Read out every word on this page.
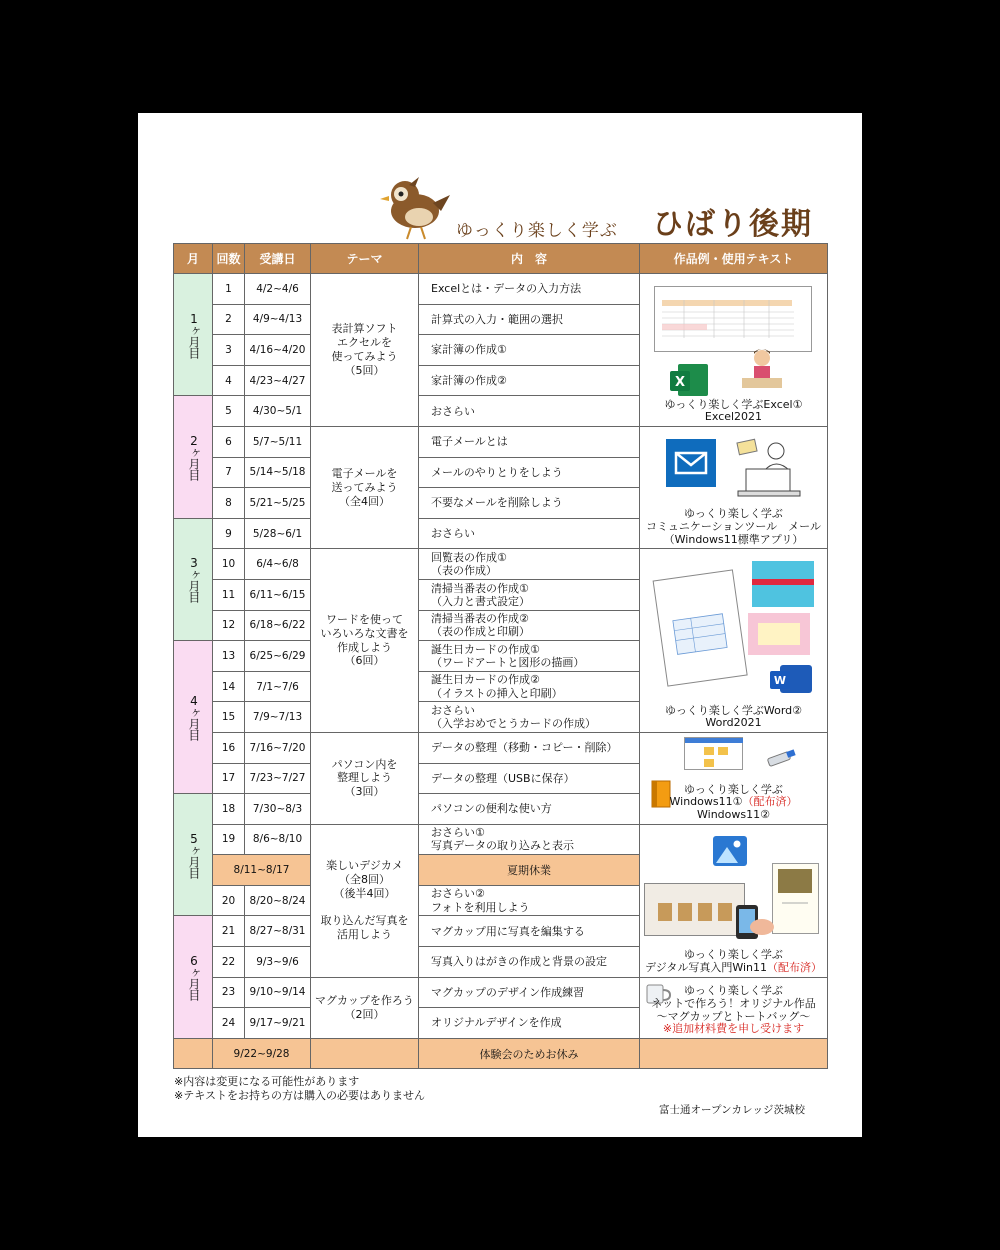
ゆっくり楽しく学ぶ ひばり後期
月	回数	受講日	テーマ	内　容	作品例・使用テキスト
1ヶ月目	1	4/2~4/6	表計算ソフト
エクセルを
使ってみよう
（5回）	Excelとは・データの入力方法	X
ゆっくり楽しく学ぶExcel①
Excel2021

	2	4/9~4/13		計算式の入力・範囲の選択	
	3	4/16~4/20		家計簿の作成①	
	4	4/23~4/27		家計簿の作成②	
2ヶ月目	5	4/30~5/1		おさらい	
	6	5/7~5/11	電子メールを
送ってみよう
（全4回）	電子メールとは	ゆっくり楽しく学ぶ
コミュニケーションツール　メール
（Windows11標準アプリ）

	7	5/14~5/18		メールのやりとりをしよう	
	8	5/21~5/25		不要なメールを削除しよう	
3ヶ月目	9	5/28~6/1		おさらい	
	10	6/4~6/8	ワードを使って
いろいろな文書を
作成しよう
（6回）	回覧表の作成①
（表の作成）	W
ゆっくり楽しく学ぶWord②
Word2021

	11	6/11~6/15		清掃当番表の作成①
（入力と書式設定）	
	12	6/18~6/22		清掃当番表の作成②
（表の作成と印刷）	
4ヶ月目	13	6/25~6/29		誕生日カードの作成①
（ワードアートと図形の描画）	
	14	7/1~7/6		誕生日カードの作成②
（イラストの挿入と印刷）	
	15	7/9~7/13		おさらい
（入学おめでとうカードの作成）	
	16	7/16~7/20	パソコン内を
整理しよう
（3回）	データの整理（移動・コピー・削除）	ゆっくり楽しく学ぶ
Windows11①（配布済）
Windows11②

	17	7/23~7/27		データの整理（USBに保存）	
5ヶ月目	18	7/30~8/3		パソコンの便利な使い方	
	19	8/6~8/10	楽しいデジカメ
（全8回）
（後半4回）

取り込んだ写真を
活用しよう	おさらい①
写真データの取り込みと表示	ゆっくり楽しく学ぶ
デジタル写真入門Win11（配布済）

	8/11~8/17			夏期休業	
	20	8/20~8/24		おさらい②
フォトを利用しよう	
6ヶ月目	21	8/27~8/31		マグカップ用に写真を編集する	
	22	9/3~9/6		写真入りはがきの作成と背景の設定	
	23	9/10~9/14	マグカップを作ろう
（2回）	マグカップのデザイン作成練習	ゆっくり楽しく学ぶ
ネットで作ろう！オリジナル作品
～マグカップとトートバッグ～
※追加材料費を申し受けます

	24	9/17~9/21		オリジナルデザインを作成	
	9/22~9/28			体験会のためお休み	
※内容は変更になる可能性があります
※テキストをお持ちの方は購入の必要はありません
富士通オープンカレッジ茨城校
